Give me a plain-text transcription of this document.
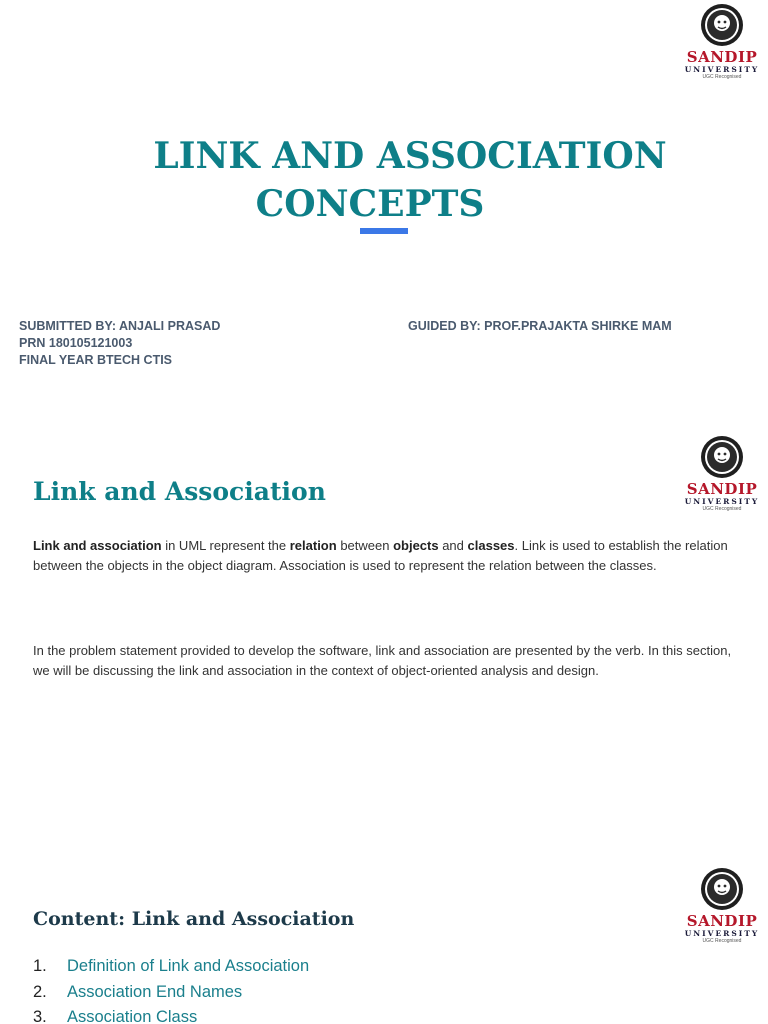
SANDIP
UNIVERSITY
UGC Recognised
LINK AND ASSOCIATION
CONCEPTS
SUBMITTED BY: ANJALI PRASAD
PRN 180105121003
FINAL YEAR BTECH CTIS
GUIDED BY: PROF.PRAJAKTA SHIRKE MAM
SANDIP
UNIVERSITY
UGC Recognised
Link and Association
Link and association in UML represent the relation between objects and classes. Link is used to establish the relation between the objects in the object diagram. Association is used to represent the relation between the classes.
In the problem statement provided to develop the software, link and association are presented by the verb. In this section, we will be discussing the link and association in the context of object-oriented analysis and design.
SANDIP
UNIVERSITY
UGC Recognised
Content: Link and Association
1.	Definition of Link and Association
2.	Association End Names
3.	Association Class
